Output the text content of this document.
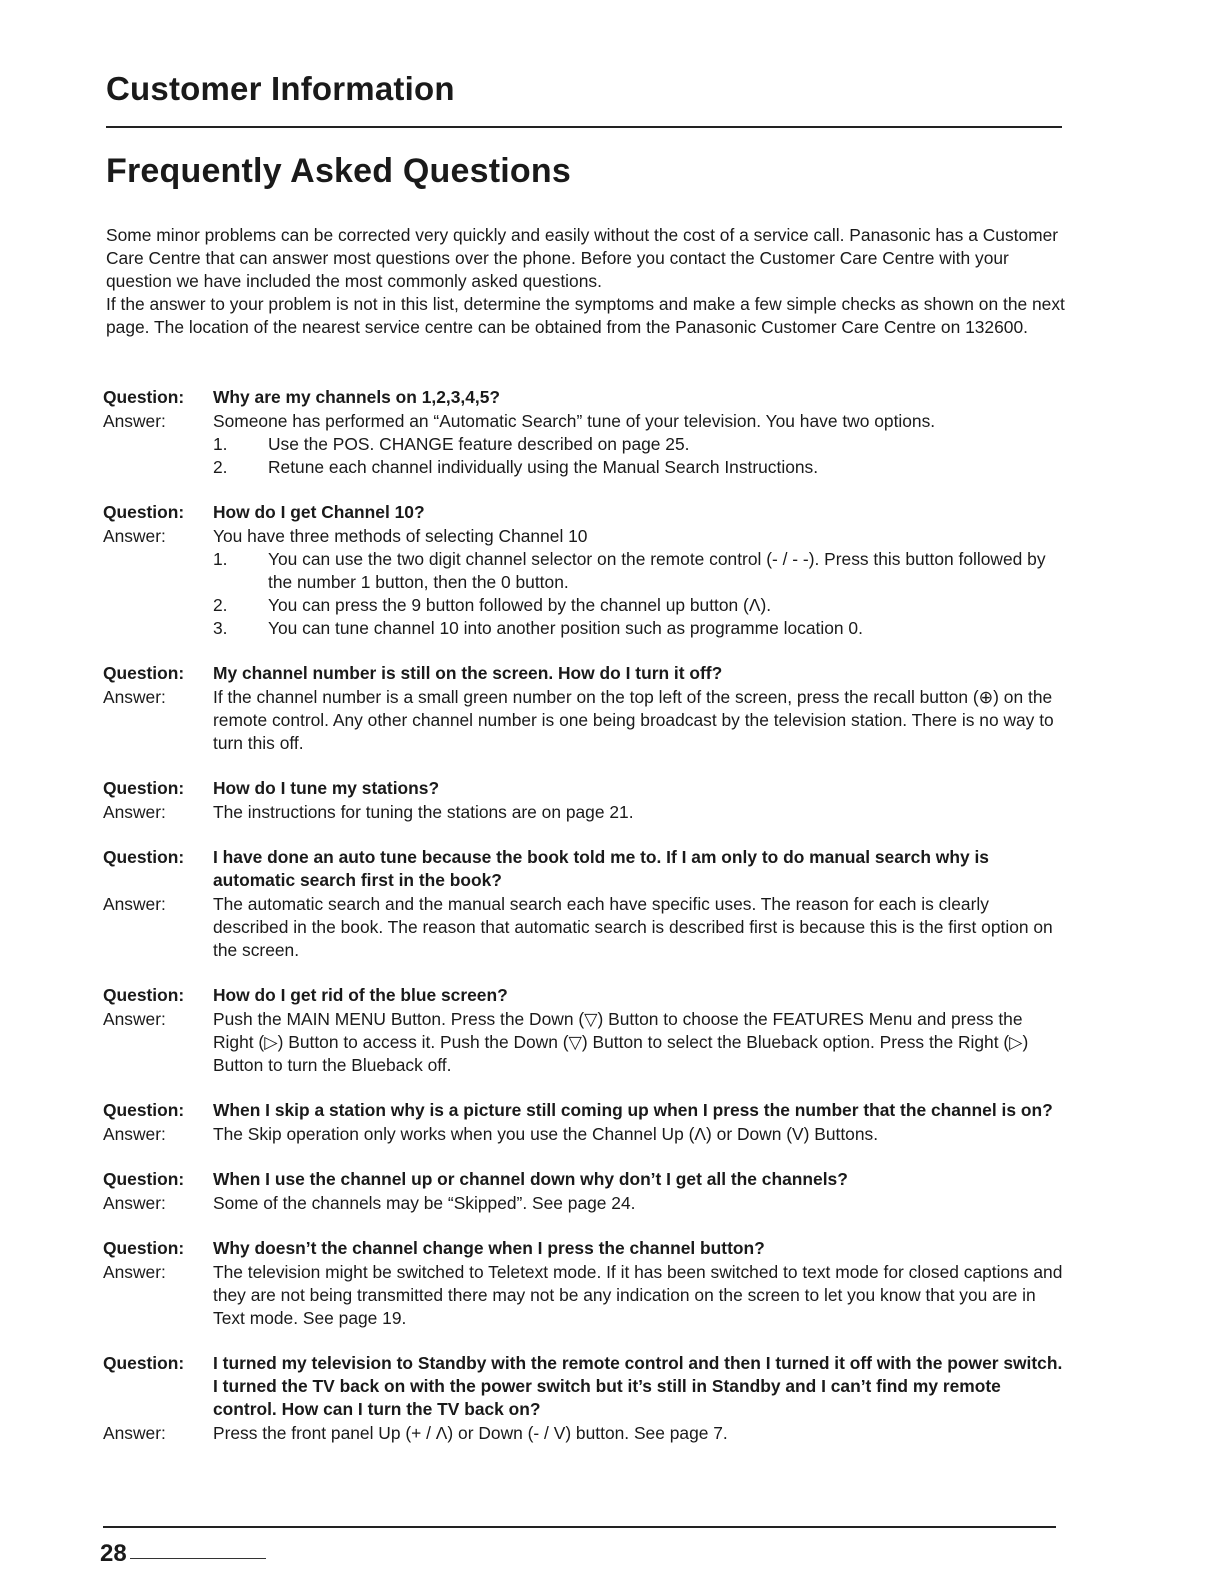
Customer Information
Frequently Asked Questions

Some minor problems can be corrected very quickly and easily without the cost of a service call. Panasonic has a Customer Care Centre that can answer most questions over the phone. Before you contact the Customer Care Centre with your question we have included the most commonly asked questions.

If the answer to your problem is not in this list, determine the symptoms and make a few simple checks as shown on the next page. The location of the nearest service centre can be obtained from the Panasonic Customer Care Centre on 132600.

Question:	Why are my channels on 1,2,3,4,5?
Answer:	Someone has performed an “Automatic Search” tune of your television. You have two options.
1.	Use the POS. CHANGE feature described on page 25.
2.	Retune each channel individually using the Manual Search Instructions.
Question:	How do I get Channel 10?
Answer:	You have three methods of selecting Channel 10
1.	You can use the two digit channel selector on the remote control (- / - -). Press this button followed by the number 1 button, then the 0 button.
2.	You can press the 9 button followed by the channel up button (Λ).
3.	You can tune channel 10 into another position such as programme location 0.
Question:	My channel number is still on the screen. How do I turn it off?
Answer:	If the channel number is a small green number on the top left of the screen, press the recall button (⊕) on the remote control. Any other channel number is one being broadcast by the television station. There is no way to turn this off.
Question:	How do I tune my stations?
Answer:	The instructions for tuning the stations are on page 21.
Question:	I have done an auto tune because the book told me to. If I am only to do manual search why is automatic search first in the book?
Answer:	The automatic search and the manual search each have specific uses. The reason for each is clearly described in the book. The reason that automatic search is described first is because this is the first option on the screen.
Question:	How do I get rid of the blue screen?
Answer:	Push the MAIN MENU Button. Press the Down (▽) Button to choose the FEATURES Menu and press the Right (▷) Button to access it. Push the Down (▽) Button to select the Blueback option. Press the Right (▷) Button to turn the Blueback off.
Question:	When I skip a station why is a picture still coming up when I press the number that the channel is on?
Answer:	The Skip operation only works when you use the Channel Up (Λ) or Down (V) Buttons.
Question:	When I use the channel up or channel down why don’t I get all the channels?
Answer:	Some of the channels may be “Skipped”. See page 24.
Question:	Why doesn’t the channel change when I press the channel button?
Answer:	The television might be switched to Teletext mode. If it has been switched to text mode for closed captions and they are not being transmitted there may not be any indication on the screen to let you know that you are in Text mode. See page 19.
Question:	I turned my television to Standby with the remote control and then I turned it off with the power switch. I turned the TV back on with the power switch but it’s still in Standby and I can’t find my remote control. How can I turn the TV back on?
Answer:	Press the front panel Up (+ / Λ) or Down (- / V) button. See page 7.
28
